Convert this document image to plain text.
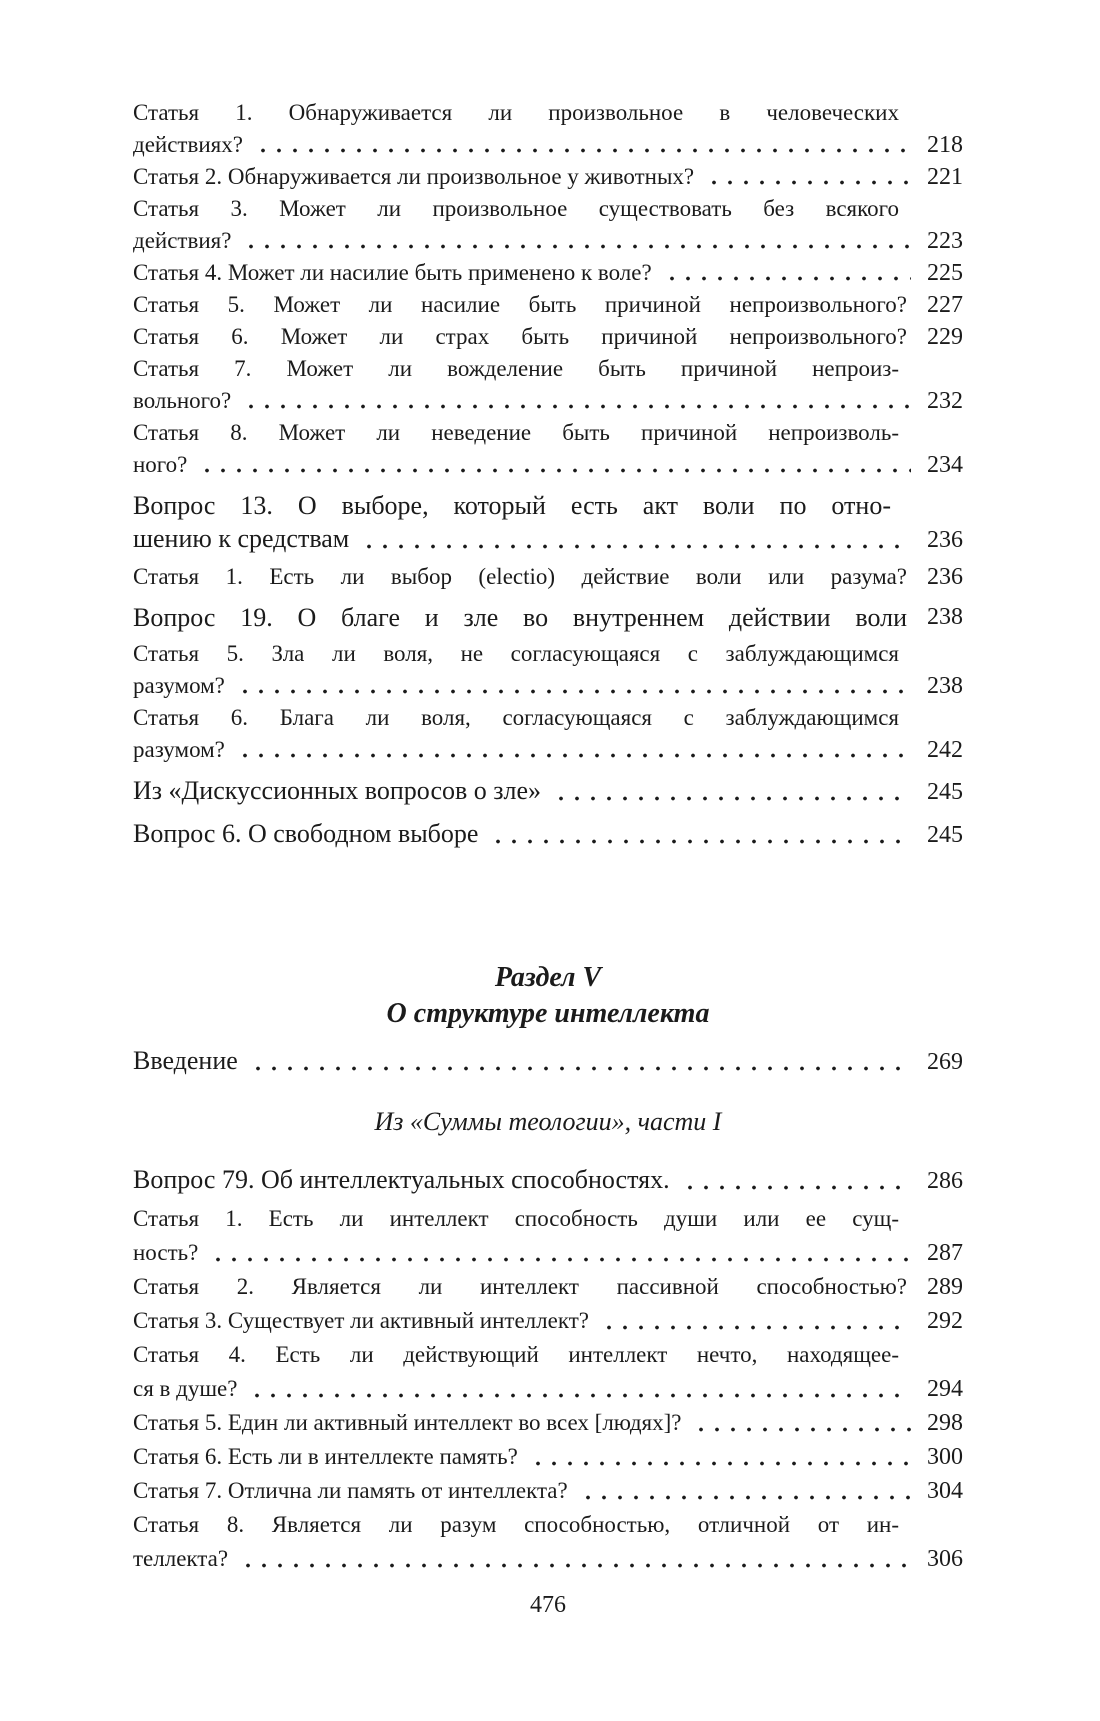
Статья 1. Обнаруживается ли произвольное в человеческих
действиях?	218
Статья 2. Обнаруживается ли произвольное у животных?	221
Статья 3. Может ли произвольное существовать без всякого
действия?	223
Статья 4. Может ли насилие быть применено к воле?	225
Статья 5. Может ли насилие быть причиной непроизвольного? 227
Статья 6. Может ли страх быть причиной непроизвольного? 229
Статья 7. Может ли вожделение быть причиной непроиз-
вольного?	232
Статья 8. Может ли неведение быть причиной непроизволь-
ного?	234
Вопрос 13. О выборе, который есть акт воли по отно-
шению к средствам	236
Статья 1. Есть ли выбор (electio) действие воли или разума? 236
Вопрос 19. О благе и зле во внутреннем действии воли 238
Статья 5. Зла ли воля, не согласующаяся с заблуждающимся
разумом?	238
Статья 6. Блага ли воля, согласующаяся с заблуждающимся
разумом?	242
Из «Дискуссионных вопросов о зле»	245
Вопрос 6. О свободном выборе	245
Раздел V
О структуре интеллекта
Введение	269
Из «Суммы теологии», части I
Вопрос 79. Об интеллектуальных способностях.	286
Статья 1. Есть ли интеллект способность души или ее сущ-
ность?	287
Статья 2. Является ли интеллект пассивной способностью? 289
Статья 3. Существует ли активный интеллект?	292
Статья 4. Есть ли действующий интеллект нечто, находящее-
ся в душе?	294
Статья 5. Един ли активный интеллект во всех [людях]?	298
Статья 6. Есть ли в интеллекте память?	300
Статья 7. Отлична ли память от интеллекта?	304
Статья 8. Является ли разум способностью, отличной от ин-
теллекта?	306
476
